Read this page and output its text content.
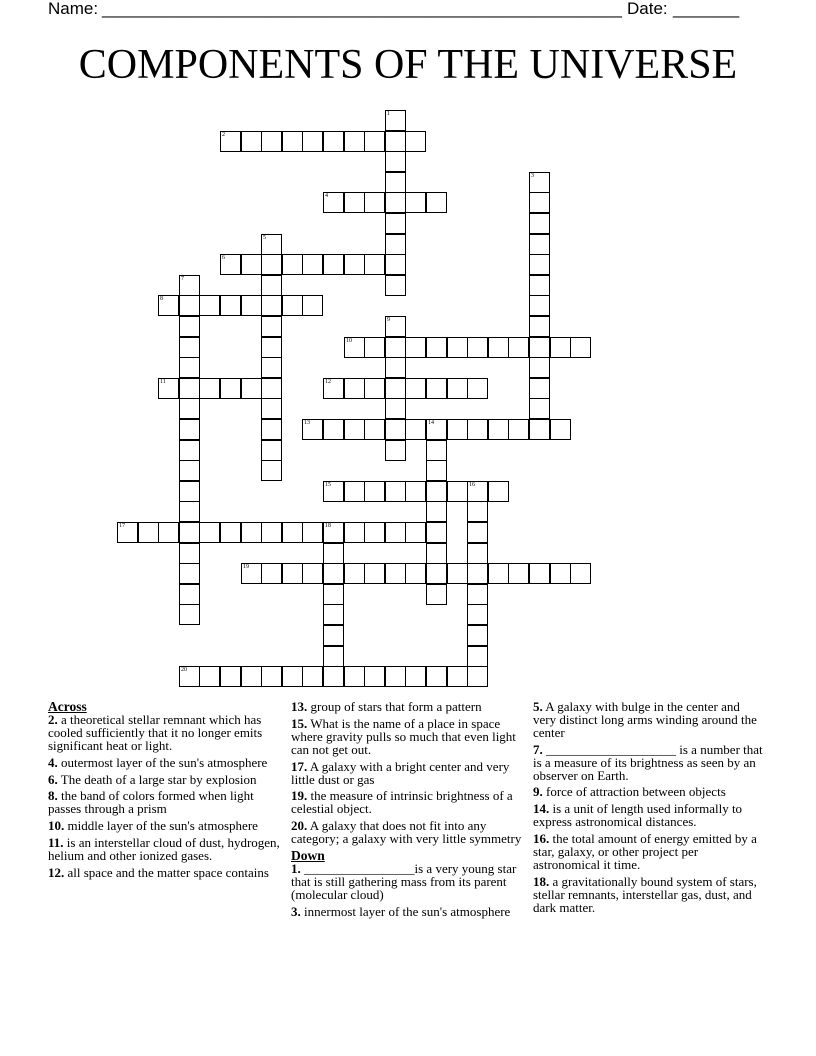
Name: _______________________________________________________ Date: _______
COMPONENTS OF THE UNIVERSE
1
2
3
4
5
6
7
8
9
10
11	12
13	14
15	16
17	18
19
20
Across
2. a theoretical stellar remnant which has cooled sufficiently that it no longer emits significant heat or light.
4. outermost layer of the sun's atmosphere
6. The death of a large star by explosion
8. the band of colors formed when light passes through a prism
10. middle layer of the sun's atmosphere
11. is an interstellar cloud of dust, hydrogen, helium and other ionized gases.
12. all space and the matter space contains
13. group of stars that form a pattern
15. What is the name of a place in space where gravity pulls so much that even light can not get out.
17. A galaxy with a bright center and very little dust or gas
19. the measure of intrinsic brightness of a celestial object.
20. A galaxy that does not fit into any category; a galaxy with very little symmetry
Down
1. _________________is a very young star that is still gathering mass from its parent (molecular cloud)
3. innermost layer of the sun's atmosphere
5. A galaxy with bulge in the center and very distinct long arms winding around the center
7. ____________________ is a number that is a measure of its brightness as seen by an observer on Earth.
9. force of attraction between objects
14. is a unit of length used informally to express astronomical distances.
16. the total amount of energy emitted by a star, galaxy, or other project per astronomical it time.
18. a gravitationally bound system of stars, stellar remnants, interstellar gas, dust, and dark matter.
